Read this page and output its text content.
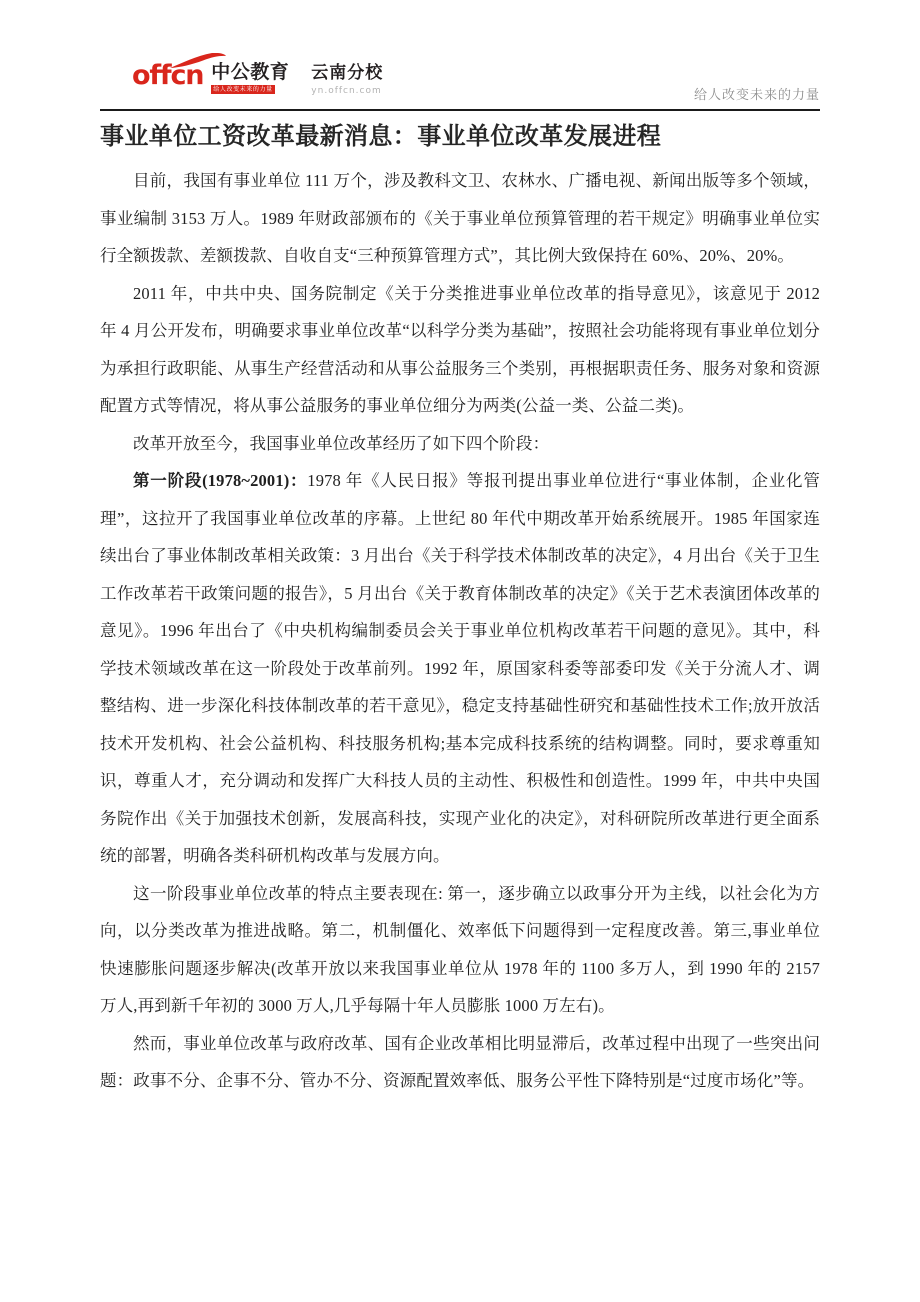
offcn 中公教育
给人改变未来的力量
云南分校
yn.offcn.com	给人改变未来的力量
事业单位工资改革最新消息：事业单位改革发展进程

目前，我国有事业单位 111 万个，涉及教科文卫、农林水、广播电视、新闻出版等多个领域，事业编制 3153 万人。1989 年财政部颁布的《关于事业单位预算管理的若干规定》明确事业单位实行全额拨款、差额拨款、自收自支“三种预算管理方式”，其比例大致保持在 60%、20%、20%。

2011 年，中共中央、国务院制定《关于分类推进事业单位改革的指导意见》，该意见于 2012 年 4 月公开发布，明确要求事业单位改革“以科学分类为基础”，按照社会功能将现有事业单位划分为承担行政职能、从事生产经营活动和从事公益服务三个类别，再根据职责任务、服务对象和资源配置方式等情况，将从事公益服务的事业单位细分为两类(公益一类、公益二类)。

改革开放至今，我国事业单位改革经历了如下四个阶段：

第一阶段(1978~2001)：1978 年《人民日报》等报刊提出事业单位进行“事业体制，企业化管理”，这拉开了我国事业单位改革的序幕。上世纪 80 年代中期改革开始系统展开。1985 年国家连续出台了事业体制改革相关政策：3 月出台《关于科学技术体制改革的决定》，4 月出台《关于卫生工作改革若干政策问题的报告》，5 月出台《关于教育体制改革的决定》《关于艺术表演团体改革的意见》。1996 年出台了《中央机构编制委员会关于事业单位机构改革若干问题的意见》。其中，科学技术领域改革在这一阶段处于改革前列。1992 年，原国家科委等部委印发《关于分流人才、调整结构、进一步深化科技体制改革的若干意见》，稳定支持基础性研究和基础性技术工作;放开放活技术开发机构、社会公益机构、科技服务机构;基本完成科技系统的结构调整。同时，要求尊重知识，尊重人才，充分调动和发挥广大科技人员的主动性、积极性和创造性。1999 年，中共中央国务院作出《关于加强技术创新，发展高科技，实现产业化的决定》，对科研院所改革进行更全面系统的部署，明确各类科研机构改革与发展方向。

这一阶段事业单位改革的特点主要表现在: 第一，逐步确立以政事分开为主线，以社会化为方向，以分类改革为推进战略。第二，机制僵化、效率低下问题得到一定程度改善。第三,事业单位快速膨胀问题逐步解决(改革开放以来我国事业单位从 1978 年的 1100 多万人，到 1990 年的 2157 万人,再到新千年初的 3000 万人,几乎每隔十年人员膨胀 1000 万左右)。

然而，事业单位改革与政府改革、国有企业改革相比明显滞后，改革过程中出现了一些突出问题：政事不分、企事不分、管办不分、资源配置效率低、服务公平性下降特别是“过度市场化”等。
